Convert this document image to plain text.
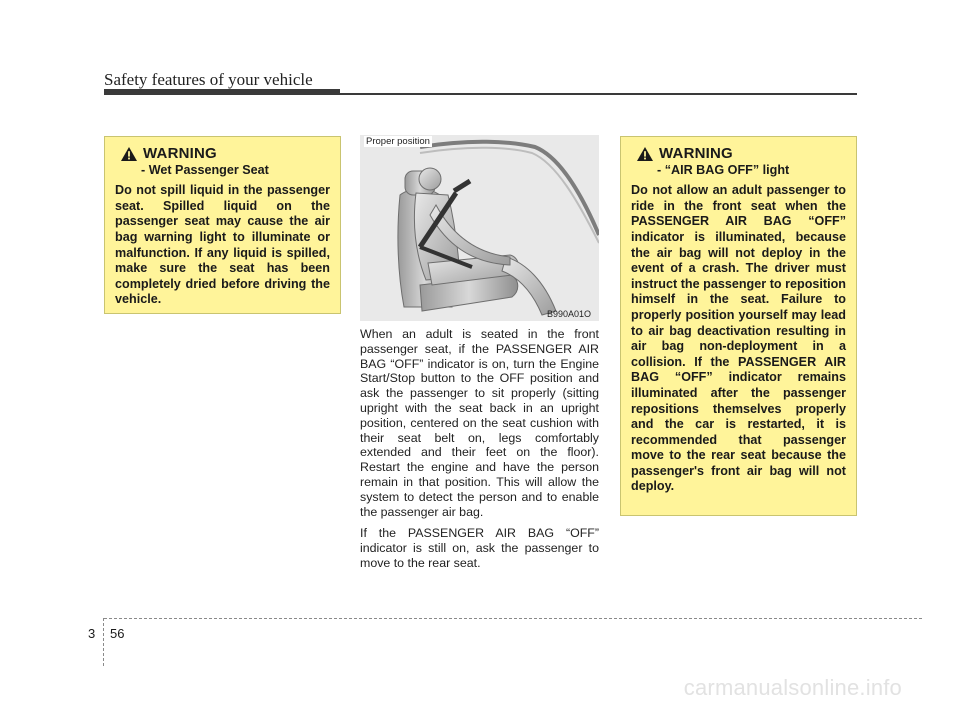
Safety features of your vehicle
WARNING
- Wet Passenger Seat
Do not spill liquid in the passenger seat. Spilled liquid on the passenger seat may cause the air bag warning light to illuminate or malfunction. If any liquid is spilled, make sure the seat has been completely dried before driving the vehicle.
Proper position
B990A01O

When an adult is seated in the front passenger seat, if the PASSENGER AIR BAG “OFF” indicator is on, turn the Engine Start/Stop button to the OFF position and ask the passenger to sit properly (sitting upright with the seat back in an upright position, centered on the seat cushion with their seat belt on, legs comfortably extended and their feet on the floor). Restart the engine and have the person remain in that position. This will allow the system to detect the person and to enable the passenger air bag.

If the PASSENGER AIR BAG “OFF” indicator is still on, ask the passenger to move to the rear seat.

WARNING
- “AIR BAG OFF” light
Do not allow an adult passenger to ride in the front seat when the PASSENGER AIR BAG “OFF” indicator is illuminated, because the air bag will not deploy in the event of a crash. The driver must instruct the passenger to reposition himself in the seat. Failure to properly position yourself may lead to air bag deactivation resulting in air bag non-deployment in a collision. If the PASSENGER AIR BAG “OFF” indicator remains illuminated after the passenger repositions themselves properly and the car is restarted, it is recommended that passenger move to the rear seat because the passenger's front air bag will not deploy.
3 56
carmanualsonline.info
